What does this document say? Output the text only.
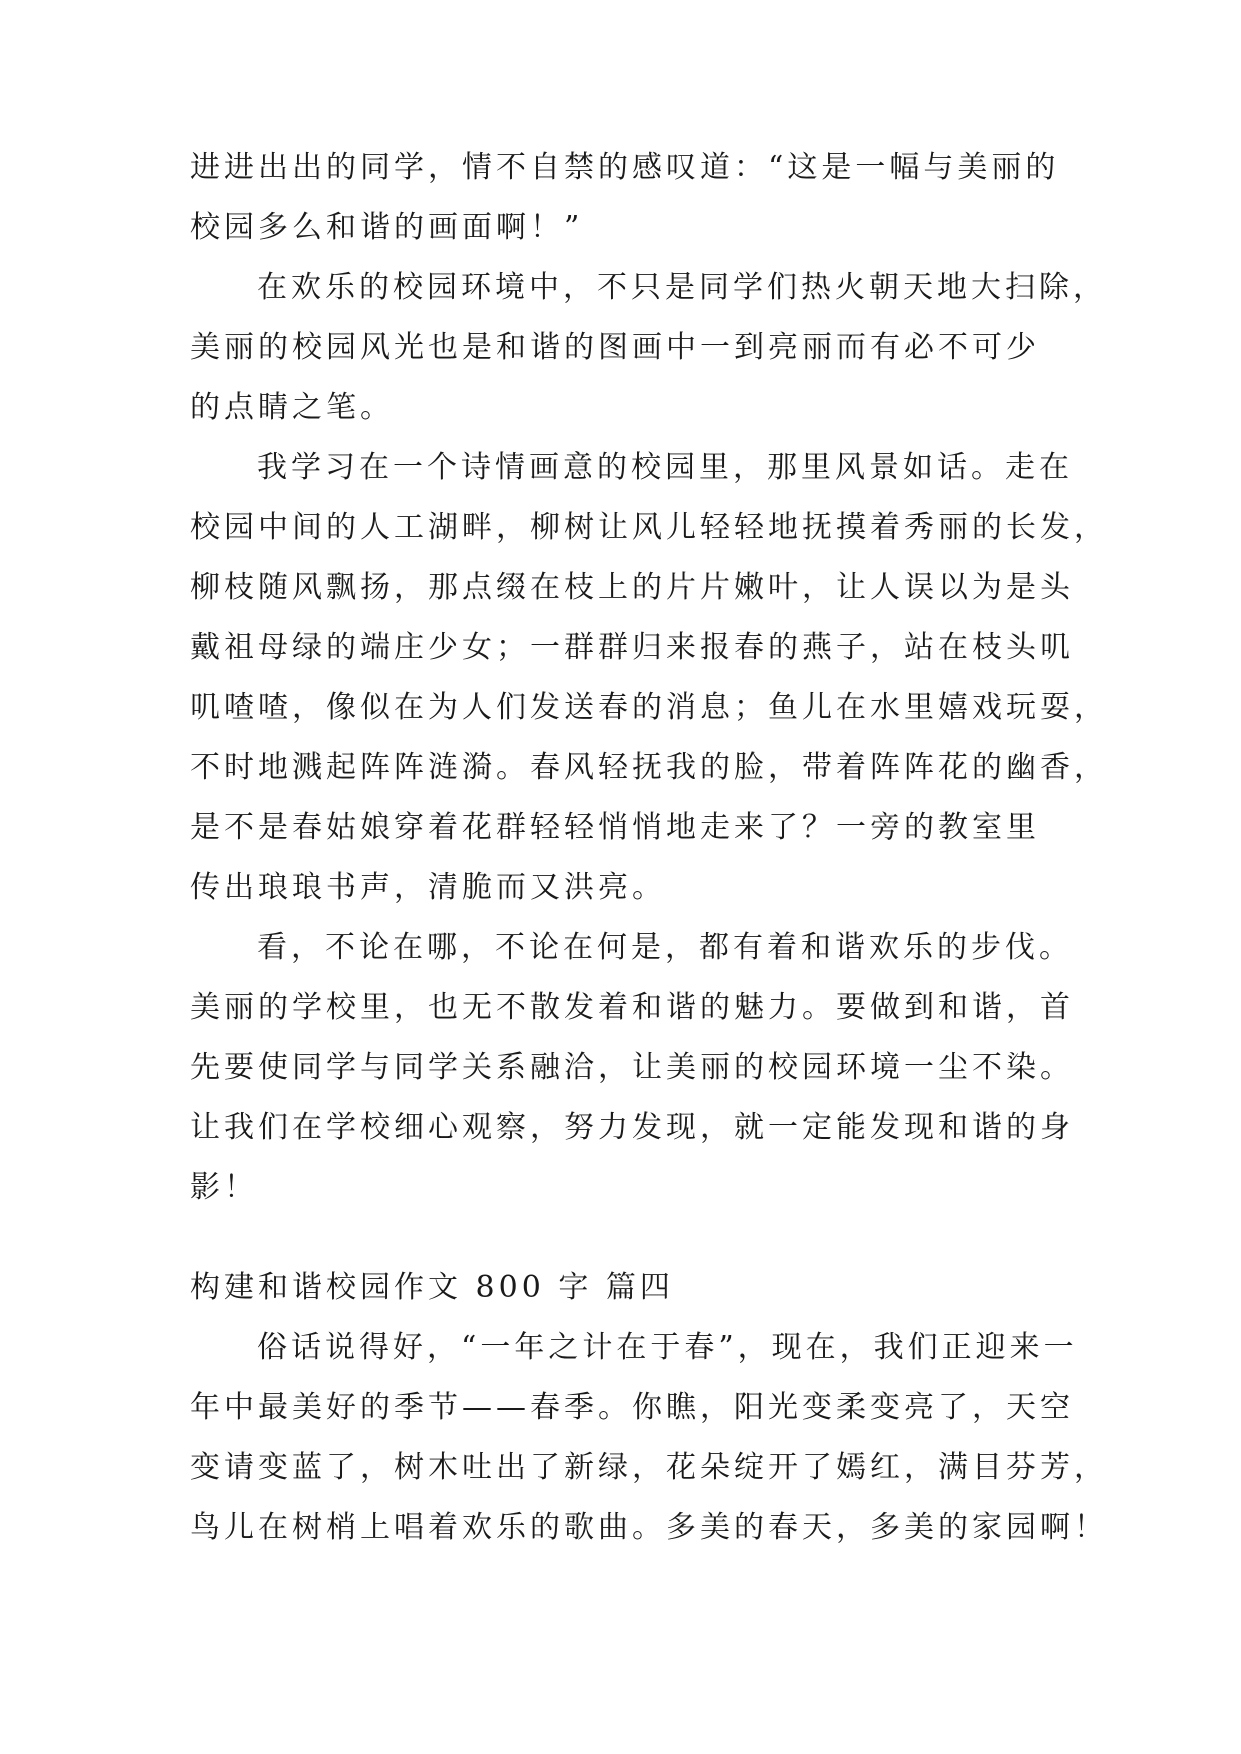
进进出出的同学，情不自禁的感叹道：“这是一幅与美丽的
校园多么和谐的画面啊！”
在欢乐的校园环境中，不只是同学们热火朝天地大扫除，
美丽的校园风光也是和谐的图画中一到亮丽而有必不可少
的点睛之笔。
我学习在一个诗情画意的校园里，那里风景如话。走在
校园中间的人工湖畔，柳树让风儿轻轻地抚摸着秀丽的长发，
柳枝随风飘扬，那点缀在枝上的片片嫩叶，让人误以为是头
戴祖母绿的端庄少女；一群群归来报春的燕子，站在枝头叽
叽喳喳，像似在为人们发送春的消息；鱼儿在水里嬉戏玩耍，
不时地溅起阵阵涟漪。春风轻抚我的脸，带着阵阵花的幽香，
是不是春姑娘穿着花群轻轻悄悄地走来了？一旁的教室里
传出琅琅书声，清脆而又洪亮。
看，不论在哪，不论在何是，都有着和谐欢乐的步伐。
美丽的学校里，也无不散发着和谐的魅力。要做到和谐，首
先要使同学与同学关系融洽，让美丽的校园环境一尘不染。
让我们在学校细心观察，努力发现，就一定能发现和谐的身
影！
构建和谐校园作文 800 字 篇四
俗话说得好，“一年之计在于春”，现在，我们正迎来一
年中最美好的季节——春季。你瞧，阳光变柔变亮了，天空
变请变蓝了，树木吐出了新绿，花朵绽开了嫣红，满目芬芳，
鸟儿在树梢上唱着欢乐的歌曲。多美的春天，多美的家园啊！
